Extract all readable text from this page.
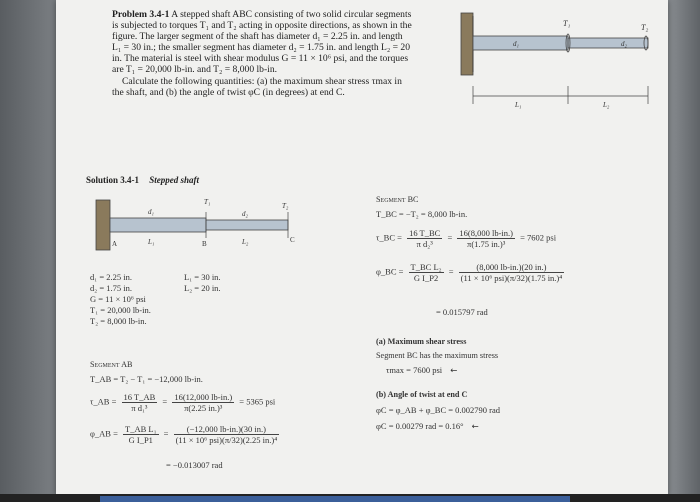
Problem 3.4-1 A stepped shaft ABC consisting of two solid circular segments is subjected to torques T₁ and T₂ acting in opposite directions, as shown in the figure. The larger segment of the shaft has diameter d₁ = 2.25 in. and length L₁ = 30 in.; the smaller segment has diameter d₂ = 1.75 in. and length L₂ = 20 in. The material is steel with shear modulus G = 11 × 10⁶ psi, and the torques are T₁ = 20,000 lb-in. and T₂ = 8,000 lb-in.
Calculate the following quantities: (a) the maximum shear stress τmax in the shaft, and (b) the angle of twist φC (in degrees) at end C.
T₁	T₂
d₁	d₂
L₁	L₂
Solution 3.4-1 Stepped shaft
A	B	C
T₁	T₂
d₁	d₂
L₁	L₂
d₁ = 2.25 in.	L₁ = 30 in.
d₂ = 1.75 in.	L₂ = 20 in.
G = 11 × 10⁶ psi
T₁ = 20,000 lb-in.
T₂ = 8,000 lb-in.
Segment AB
T_AB = T₂ − T₁ = −12,000 lb-in.
τ_AB = $\frac{16 T\_AB}{\text{π d₁³}} = \frac{16(12,000 lb-in.)}{\text{π(2.25 in.)³}} = 5365$ psi
φ_AB = $\frac{\text{T\_AB L₁}}{\text{G I\_P1}} = \frac{(-12,000 lb-in.)(30 in.)}{\text{(11 × 10⁶ psi)(π/32)(2.25 in.)⁴}}$
= −0.013007 rad
Segment BC
T_BC = −T₂ = 8,000 lb-in.
τ_BC = $\frac{16 T\_BC}{\text{π d₂³}} = \frac{16(8,000 lb-in.)}{\text{π(1.75 in.)³}} = 7602$ psi
φ_BC = $\frac{\text{T\_BC L₂}}{\text{G I\_P2}} = \frac{(8,000 lb-in.)(20 in.)}{\text{(11 × 10⁶ psi)(π/32)(1.75 in.)⁴}}$
= 0.015797 rad
(a) Maximum shear stress
Segment BC has the maximum stress
τmax = 7600 psi ←
(b) Angle of twist at end C
φC = φ_AB + φ_BC = 0.002790 rad
φC = 0.00279 rad = 0.16° ←
